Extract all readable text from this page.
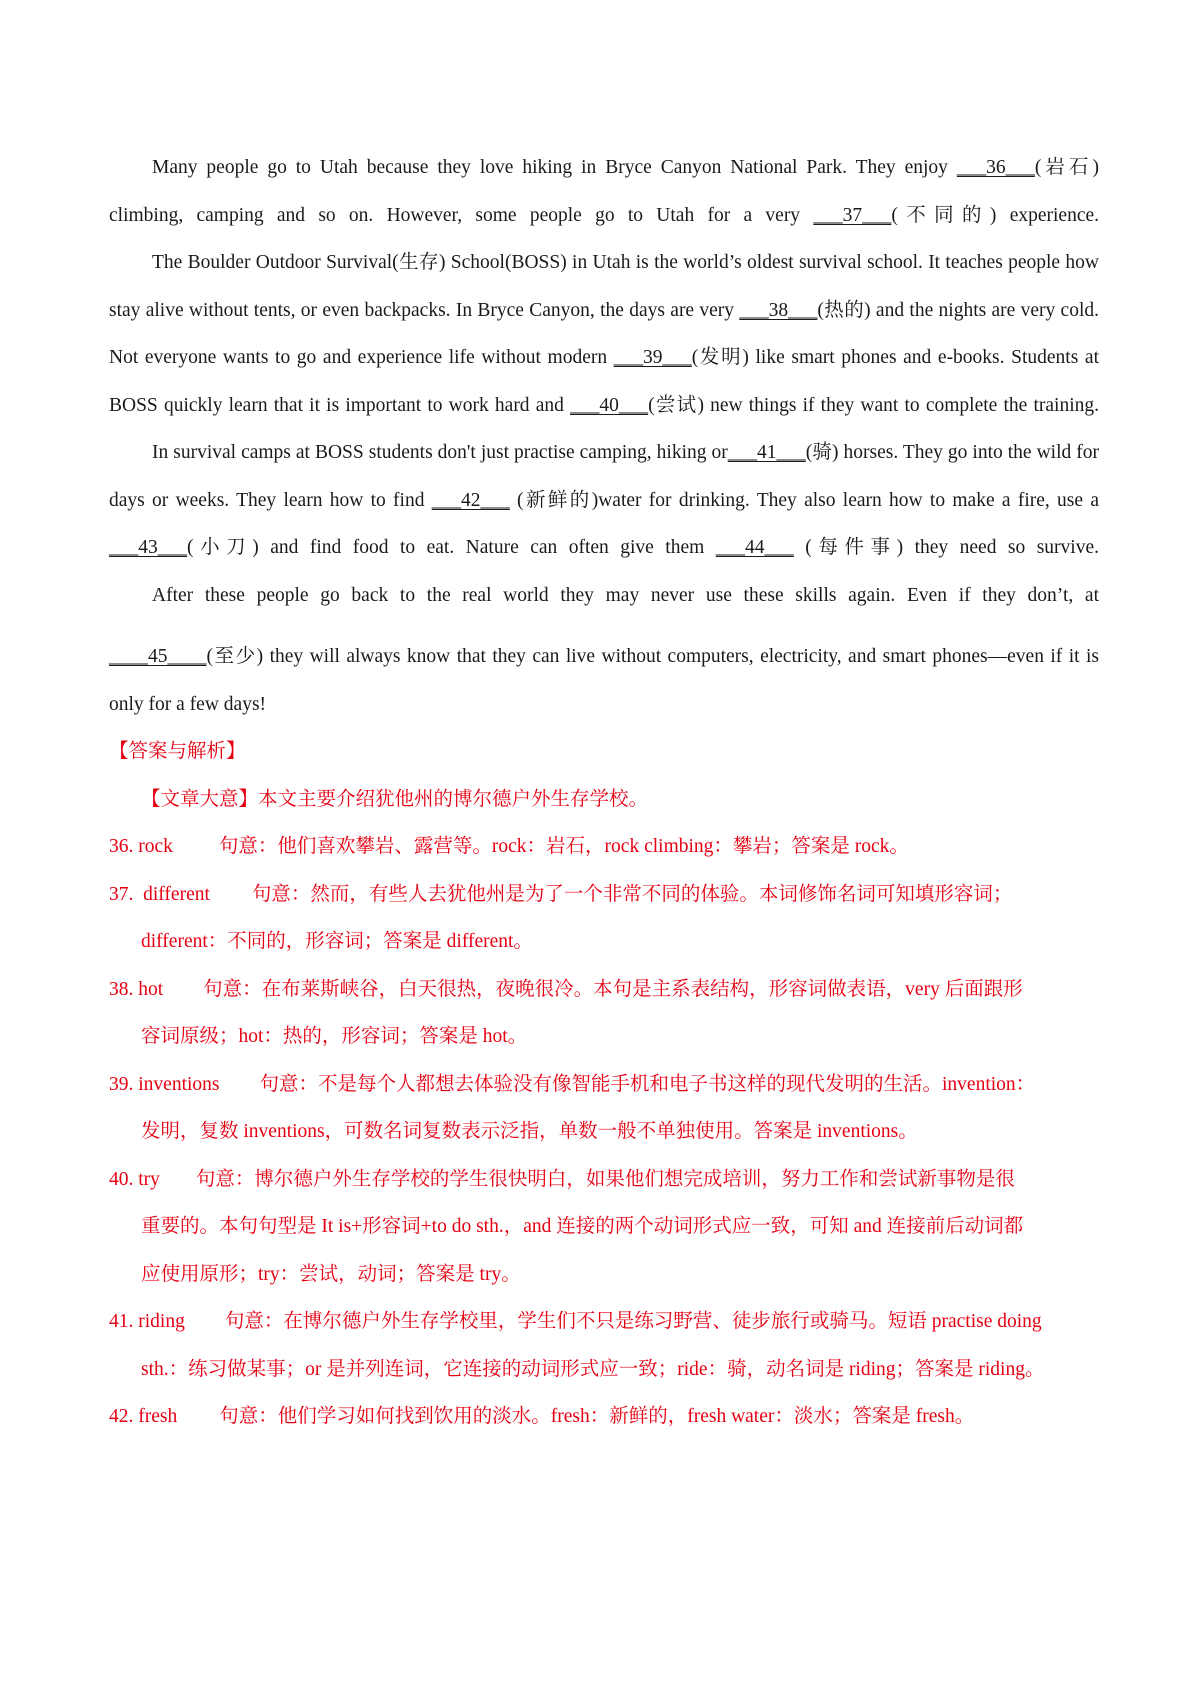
Many people go to Utah because they love hiking in Bryce Canyon National Park. They enjoy ___36___(岩石) climbing, camping and so on. However, some people go to Utah for a very ___37___(不同的) experience.

The Boulder Outdoor Survival(生存) School(BOSS) in Utah is the world’s oldest survival school. It teaches people how stay alive without tents, or even backpacks. In Bryce Canyon, the days are very ___38___(热的) and the nights are very cold. Not everyone wants to go and experience life without modern ___39___(发明) like smart phones and e-books. Students at BOSS quickly learn that it is important to work hard and ___40___(尝试) new things if they want to complete the training.

In survival camps at BOSS students don't just practise camping, hiking or___41___(骑) horses. They go into the wild for days or weeks. They learn how to find ___42___ (新鲜的)water for drinking. They also learn how to make a fire, use a ___43___(小刀) and find food to eat. Nature can often give them ___44___ (每件事) they need so survive.

After these people go back to the real world they may never use these skills again. Even if they don’t, at

____45____(至少) they will always know that they can live without computers, electricity, and smart phones—even if it is only for a few days!

【答案与解析】

【文章大意】本文主要介绍犹他州的博尔德户外生存学校。

36. rock 句意：他们喜欢攀岩、露营等。rock：岩石，rock climbing：攀岩；答案是 rock。
37.  different 句意：然而，有些人去犹他州是为了一个非常不同的体验。本词修饰名词可知填形容词；

different：不同的，形容词；答案是 different。

38. hot 句意：在布莱斯峡谷，白天很热，夜晚很冷。本句是主系表结构，形容词做表语，very 后面跟形

容词原级；hot：热的，形容词；答案是 hot。

39. inventions 句意：不是每个人都想去体验没有像智能手机和电子书这样的现代发明的生活。invention：

发明，复数 inventions，可数名词复数表示泛指，单数一般不单独使用。答案是 inventions。

40. try 句意：博尔德户外生存学校的学生很快明白，如果他们想完成培训，努力工作和尝试新事物是很

重要的。本句句型是 It is+形容词+to do sth.，and 连接的两个动词形式应一致，可知 and 连接前后动词都

应使用原形；try：尝试，动词；答案是 try。

41. riding 句意：在博尔德户外生存学校里，学生们不只是练习野营、徒步旅行或骑马。短语 practise doing

sth.：练习做某事；or 是并列连词，它连接的动词形式应一致；ride：骑，动名词是 riding；答案是 riding。

42. fresh 句意：他们学习如何找到饮用的淡水。fresh：新鲜的，fresh water：淡水；答案是 fresh。
